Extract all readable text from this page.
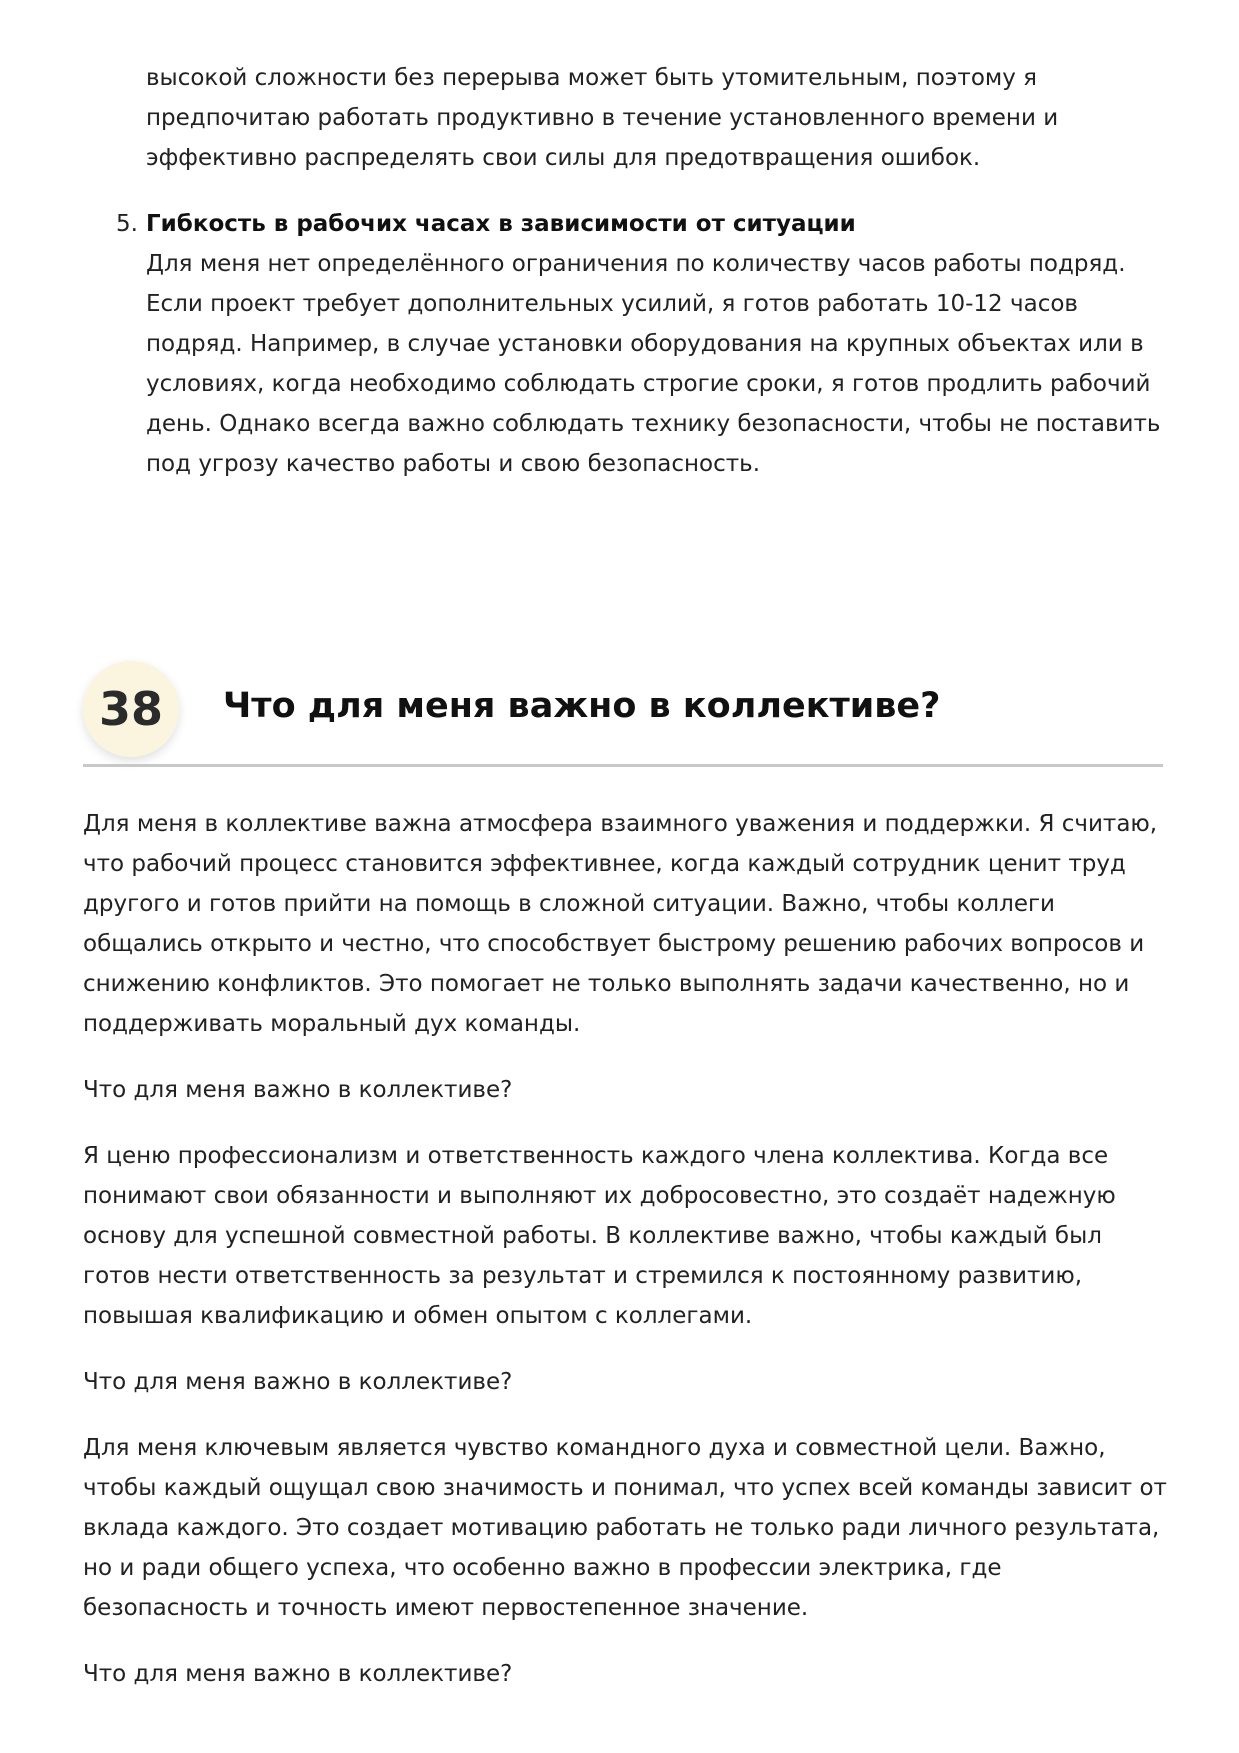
высокой сложности без перерыва может быть утомительным, поэтому я предпочитаю работать продуктивно в течение установленного времени и эффективно распределять свои силы для предотвращения ошибок.
5. Гибкость в рабочих часах в зависимости от ситуации
Для меня нет определённого ограничения по количеству часов работы подряд. Если проект требует дополнительных усилий, я готов работать 10-12 часов подряд. Например, в случае установки оборудования на крупных объектах или в условиях, когда необходимо соблюдать строгие сроки, я готов продлить рабочий день. Однако всегда важно соблюдать технику безопасности, чтобы не поставить под угрозу качество работы и свою безопасность.
38	Что для меня важно в коллективе?

Для меня в коллективе важна атмосфера взаимного уважения и поддержки. Я считаю, что рабочий процесс становится эффективнее, когда каждый сотрудник ценит труд другого и готов прийти на помощь в сложной ситуации. Важно, чтобы коллеги общались открыто и честно, что способствует быстрому решению рабочих вопросов и снижению конфликтов. Это помогает не только выполнять задачи качественно, но и поддерживать моральный дух команды.

Что для меня важно в коллективе?

Я ценю профессионализм и ответственность каждого члена коллектива. Когда все понимают свои обязанности и выполняют их добросовестно, это создаёт надежную основу для успешной совместной работы. В коллективе важно, чтобы каждый был готов нести ответственность за результат и стремился к постоянному развитию, повышая квалификацию и обмен опытом с коллегами.

Что для меня важно в коллективе?

Для меня ключевым является чувство командного духа и совместной цели. Важно, чтобы каждый ощущал свою значимость и понимал, что успех всей команды зависит от вклада каждого. Это создает мотивацию работать не только ради личного результата, но и ради общего успеха, что особенно важно в профессии электрика, где безопасность и точность имеют первостепенное значение.

Что для меня важно в коллективе?
